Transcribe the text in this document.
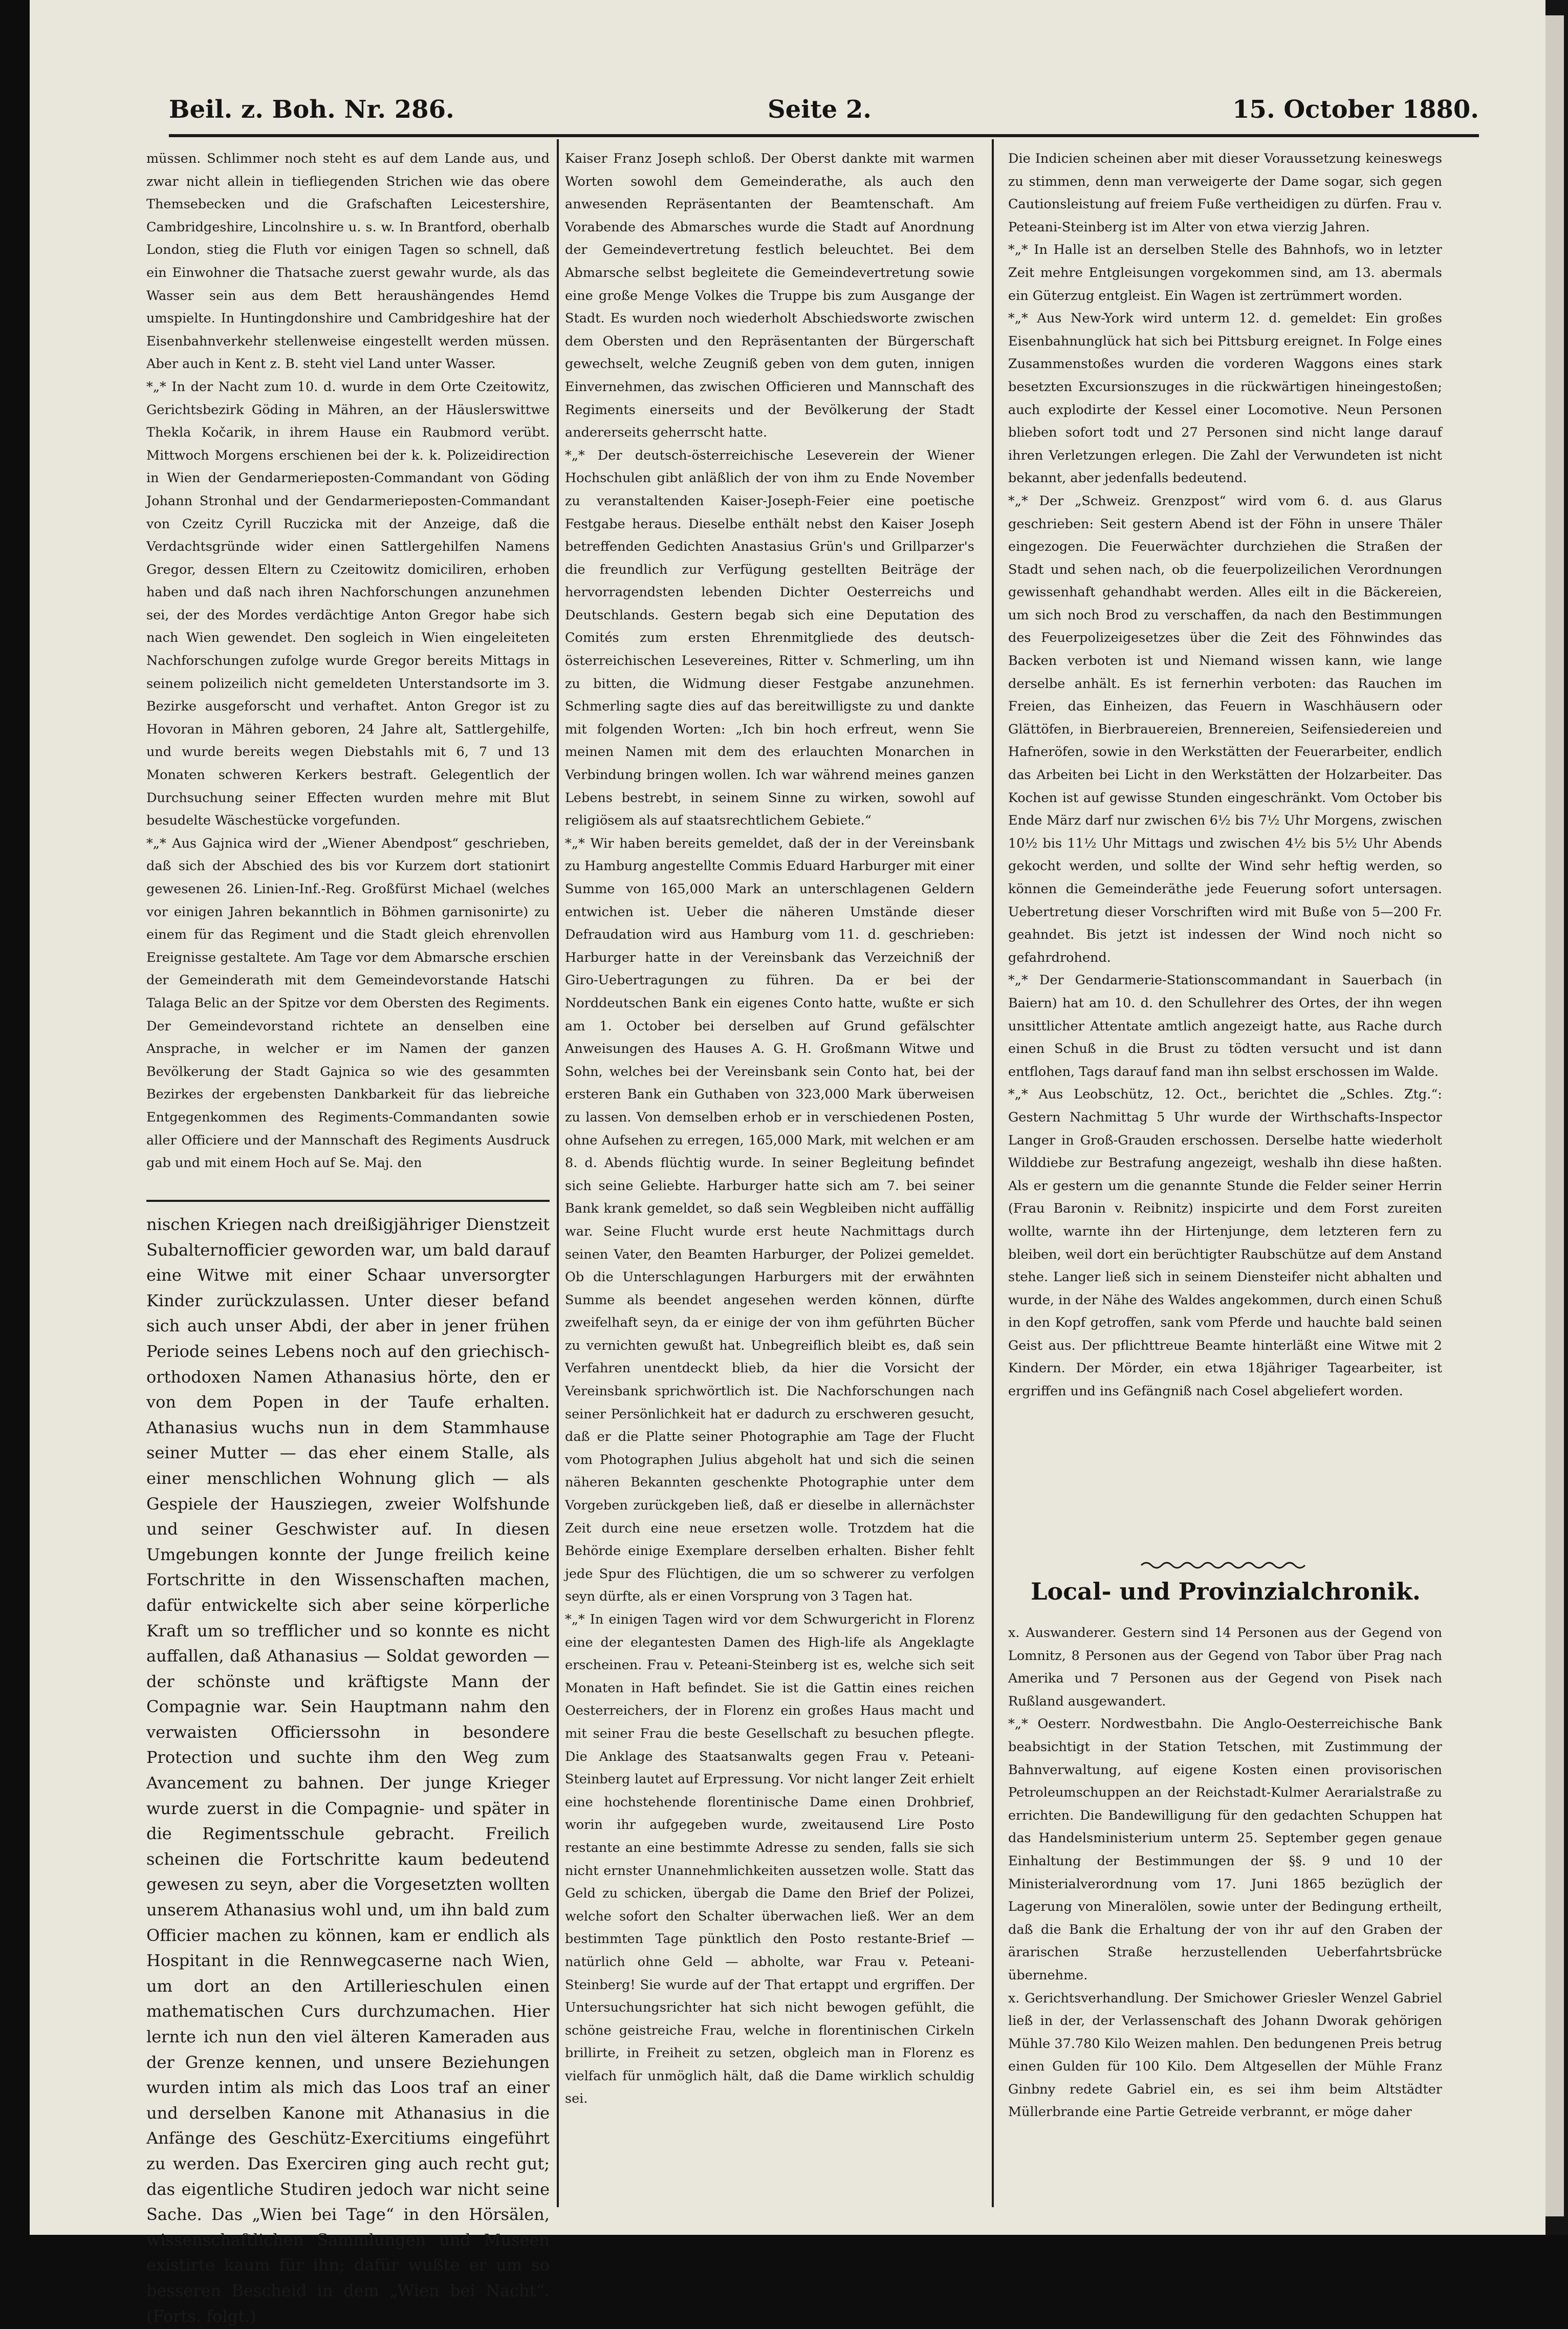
Beil. z. Boh. Nr. 286.	Seite 2.	15. October 1880.
müssen. Schlimmer noch steht es auf dem Lande aus, und zwar nicht allein in tiefliegenden Strichen wie das obere Themsebecken und die Grafschaften Leicestershire, Cambridgeshire, Lincolnshire u. s. w. In Brantford, oberhalb London, stieg die Fluth vor einigen Tagen so schnell, daß ein Einwohner die Thatsache zuerst gewahr wurde, als das Wasser sein aus dem Bett heraushängendes Hemd umspielte. In Huntingdonshire und Cambridgeshire hat der Eisenbahnverkehr stellenweise eingestellt werden müssen. Aber auch in Kent z. B. steht viel Land unter Wasser.
*„* In der Nacht zum 10. d. wurde in dem Orte Czeitowitz, Gerichtsbezirk Göding in Mähren, an der Häuslerswittwe Thekla Kočarik, in ihrem Hause ein Raubmord verübt. Mittwoch Morgens erschienen bei der k. k. Polizeidirection in Wien der Gendarmerieposten-Commandant von Göding Johann Stronhal und der Gendarmerieposten-Commandant von Czeitz Cyrill Ruczicka mit der Anzeige, daß die Verdachtsgründe wider einen Sattlergehilfen Namens Gregor, dessen Eltern zu Czeitowitz domiciliren, erhoben haben und daß nach ihren Nachforschungen anzunehmen sei, der des Mordes verdächtige Anton Gregor habe sich nach Wien gewendet. Den sogleich in Wien eingeleiteten Nachforschungen zufolge wurde Gregor bereits Mittags in seinem polizeilich nicht gemeldeten Unterstandsorte im 3. Bezirke ausgeforscht und verhaftet. Anton Gregor ist zu Hovoran in Mähren geboren, 24 Jahre alt, Sattlergehilfe, und wurde bereits wegen Diebstahls mit 6, 7 und 13 Monaten schweren Kerkers bestraft. Gelegentlich der Durchsuchung seiner Effecten wurden mehre mit Blut besudelte Wäschestücke vorgefunden.
*„* Aus Gajnica wird der „Wiener Abendpost“ geschrieben, daß sich der Abschied des bis vor Kurzem dort stationirt gewesenen 26. Linien-Inf.-Reg. Großfürst Michael (welches vor einigen Jahren bekanntlich in Böhmen garnisonirte) zu einem für das Regiment und die Stadt gleich ehrenvollen Ereignisse gestaltete. Am Tage vor dem Abmarsche erschien der Gemeinderath mit dem Gemeindevorstande Hatschi Talaga Belic an der Spitze vor dem Obersten des Regiments. Der Gemeindevorstand richtete an denselben eine Ansprache, in welcher er im Namen der ganzen Bevölkerung der Stadt Gajnica so wie des gesammten Bezirkes der ergebensten Dankbarkeit für das liebreiche Entgegenkommen des Regiments-Commandanten sowie aller Officiere und der Mannschaft des Regiments Ausdruck gab und mit einem Hoch auf Se. Maj. den
nischen Kriegen nach dreißigjähriger Dienstzeit Subalternofficier geworden war, um bald darauf eine Witwe mit einer Schaar unversorgter Kinder zurückzulassen. Unter dieser befand sich auch unser Abdi, der aber in jener frühen Periode seines Lebens noch auf den griechisch-orthodoxen Namen Athanasius hörte, den er von dem Popen in der Taufe erhalten. Athanasius wuchs nun in dem Stammhause seiner Mutter — das eher einem Stalle, als einer menschlichen Wohnung glich — als Gespiele der Hausziegen, zweier Wolfshunde und seiner Geschwister auf. In diesen Umgebungen konnte der Junge freilich keine Fortschritte in den Wissenschaften machen, dafür entwickelte sich aber seine körperliche Kraft um so trefflicher und so konnte es nicht auffallen, daß Athanasius — Soldat geworden — der schönste und kräftigste Mann der Compagnie war. Sein Hauptmann nahm den verwaisten Officierssohn in besondere Protection und suchte ihm den Weg zum Avancement zu bahnen. Der junge Krieger wurde zuerst in die Compagnie- und später in die Regimentsschule gebracht. Freilich scheinen die Fortschritte kaum bedeutend gewesen zu seyn, aber die Vorgesetzten wollten unserem Athanasius wohl und, um ihn bald zum Officier machen zu können, kam er endlich als Hospitant in die Rennwegcaserne nach Wien, um dort an den Artillerieschulen einen mathematischen Curs durchzumachen. Hier lernte ich nun den viel älteren Kameraden aus der Grenze kennen, und unsere Beziehungen wurden intim als mich das Loos traf an einer und derselben Kanone mit Athanasius in die Anfänge des Geschütz-Exercitiums eingeführt zu werden. Das Exerciren ging auch recht gut; das eigentliche Studiren jedoch war nicht seine Sache. Das „Wien bei Tage“ in den Hörsälen, wissenschaftlichen Sammlungen und Museen existirte kaum für ihn; dafür wußte er um so besseren Bescheid in dem „Wien bei Nacht“. (Forts. folgt.)
Kaiser Franz Joseph schloß. Der Oberst dankte mit warmen Worten sowohl dem Gemeinderathe, als auch den anwesenden Repräsentanten der Beamtenschaft. Am Vorabende des Abmarsches wurde die Stadt auf Anordnung der Gemeindevertretung festlich beleuchtet. Bei dem Abmarsche selbst begleitete die Gemeindevertretung sowie eine große Menge Volkes die Truppe bis zum Ausgange der Stadt. Es wurden noch wiederholt Abschiedsworte zwischen dem Obersten und den Repräsentanten der Bürgerschaft gewechselt, welche Zeugniß geben von dem guten, innigen Einvernehmen, das zwischen Officieren und Mannschaft des Regiments einerseits und der Bevölkerung der Stadt andererseits geherrscht hatte.
*„* Der deutsch-österreichische Leseverein der Wiener Hochschulen gibt anläßlich der von ihm zu Ende November zu veranstaltenden Kaiser-Joseph-Feier eine poetische Festgabe heraus. Dieselbe enthält nebst den Kaiser Joseph betreffenden Gedichten Anastasius Grün's und Grillparzer's die freundlich zur Verfügung gestellten Beiträge der hervorragendsten lebenden Dichter Oesterreichs und Deutschlands. Gestern begab sich eine Deputation des Comités zum ersten Ehrenmitgliede des deutsch-österreichischen Lesevereines, Ritter v. Schmerling, um ihn zu bitten, die Widmung dieser Festgabe anzunehmen. Schmerling sagte dies auf das bereitwilligste zu und dankte mit folgenden Worten: „Ich bin hoch erfreut, wenn Sie meinen Namen mit dem des erlauchten Monarchen in Verbindung bringen wollen. Ich war während meines ganzen Lebens bestrebt, in seinem Sinne zu wirken, sowohl auf religiösem als auf staatsrechtlichem Gebiete.“
*„* Wir haben bereits gemeldet, daß der in der Vereinsbank zu Hamburg angestellte Commis Eduard Harburger mit einer Summe von 165,000 Mark an unterschlagenen Geldern entwichen ist. Ueber die näheren Umstände dieser Defraudation wird aus Hamburg vom 11. d. geschrieben: Harburger hatte in der Vereinsbank das Verzeichniß der Giro-Uebertragungen zu führen. Da er bei der Norddeutschen Bank ein eigenes Conto hatte, wußte er sich am 1. October bei derselben auf Grund gefälschter Anweisungen des Hauses A. G. H. Großmann Witwe und Sohn, welches bei der Vereinsbank sein Conto hat, bei der ersteren Bank ein Guthaben von 323,000 Mark überweisen zu lassen. Von demselben erhob er in verschiedenen Posten, ohne Aufsehen zu erregen, 165,000 Mark, mit welchen er am 8. d. Abends flüchtig wurde. In seiner Begleitung befindet sich seine Geliebte. Harburger hatte sich am 7. bei seiner Bank krank gemeldet, so daß sein Wegbleiben nicht auffällig war. Seine Flucht wurde erst heute Nachmittags durch seinen Vater, den Beamten Harburger, der Polizei gemeldet. Ob die Unterschlagungen Harburgers mit der erwähnten Summe als beendet angesehen werden können, dürfte zweifelhaft seyn, da er einige der von ihm geführten Bücher zu vernichten gewußt hat. Unbegreiflich bleibt es, daß sein Verfahren unentdeckt blieb, da hier die Vorsicht der Vereinsbank sprichwörtlich ist. Die Nachforschungen nach seiner Persönlichkeit hat er dadurch zu erschweren gesucht, daß er die Platte seiner Photographie am Tage der Flucht vom Photographen Julius abgeholt hat und sich die seinen näheren Bekannten geschenkte Photographie unter dem Vorgeben zurückgeben ließ, daß er dieselbe in allernächster Zeit durch eine neue ersetzen wolle. Trotzdem hat die Behörde einige Exemplare derselben erhalten. Bisher fehlt jede Spur des Flüchtigen, die um so schwerer zu verfolgen seyn dürfte, als er einen Vorsprung von 3 Tagen hat.
*„* In einigen Tagen wird vor dem Schwurgericht in Florenz eine der elegantesten Damen des High-life als Angeklagte erscheinen. Frau v. Peteani-Steinberg ist es, welche sich seit Monaten in Haft befindet. Sie ist die Gattin eines reichen Oesterreichers, der in Florenz ein großes Haus macht und mit seiner Frau die beste Gesellschaft zu besuchen pflegte. Die Anklage des Staatsanwalts gegen Frau v. Peteani-Steinberg lautet auf Erpressung. Vor nicht langer Zeit erhielt eine hochstehende florentinische Dame einen Drohbrief, worin ihr aufgegeben wurde, zweitausend Lire Posto restante an eine bestimmte Adresse zu senden, falls sie sich nicht ernster Unannehmlichkeiten aussetzen wolle. Statt das Geld zu schicken, übergab die Dame den Brief der Polizei, welche sofort den Schalter überwachen ließ. Wer an dem bestimmten Tage pünktlich den Posto restante-Brief — natürlich ohne Geld — abholte, war Frau v. Peteani-Steinberg! Sie wurde auf der That ertappt und ergriffen. Der Untersuchungsrichter hat sich nicht bewogen gefühlt, die schöne geistreiche Frau, welche in florentinischen Cirkeln brillirte, in Freiheit zu setzen, obgleich man in Florenz es vielfach für unmöglich hält, daß die Dame wirklich schuldig sei.
Die Indicien scheinen aber mit dieser Voraussetzung keineswegs zu stimmen, denn man verweigerte der Dame sogar, sich gegen Cautionsleistung auf freiem Fuße vertheidigen zu dürfen. Frau v. Peteani-Steinberg ist im Alter von etwa vierzig Jahren.
*„* In Halle ist an derselben Stelle des Bahnhofs, wo in letzter Zeit mehre Entgleisungen vorgekommen sind, am 13. abermals ein Güterzug entgleist. Ein Wagen ist zertrümmert worden.
*„* Aus New-York wird unterm 12. d. gemeldet: Ein großes Eisenbahnunglück hat sich bei Pittsburg ereignet. In Folge eines Zusammenstoßes wurden die vorderen Waggons eines stark besetzten Excursionszuges in die rückwärtigen hineingestoßen; auch explodirte der Kessel einer Locomotive. Neun Personen blieben sofort todt und 27 Personen sind nicht lange darauf ihren Verletzungen erlegen. Die Zahl der Verwundeten ist nicht bekannt, aber jedenfalls bedeutend.
*„* Der „Schweiz. Grenzpost“ wird vom 6. d. aus Glarus geschrieben: Seit gestern Abend ist der Föhn in unsere Thäler eingezogen. Die Feuerwächter durchziehen die Straßen der Stadt und sehen nach, ob die feuerpolizeilichen Verordnungen gewissenhaft gehandhabt werden. Alles eilt in die Bäckereien, um sich noch Brod zu verschaffen, da nach den Bestimmungen des Feuerpolizeigesetzes über die Zeit des Föhnwindes das Backen verboten ist und Niemand wissen kann, wie lange derselbe anhält. Es ist fernerhin verboten: das Rauchen im Freien, das Einheizen, das Feuern in Waschhäusern oder Glättöfen, in Bierbrauereien, Brennereien, Seifensiedereien und Hafneröfen, sowie in den Werkstätten der Feuerarbeiter, endlich das Arbeiten bei Licht in den Werkstätten der Holzarbeiter. Das Kochen ist auf gewisse Stunden eingeschränkt. Vom October bis Ende März darf nur zwischen 6½ bis 7½ Uhr Morgens, zwischen 10½ bis 11½ Uhr Mittags und zwischen 4½ bis 5½ Uhr Abends gekocht werden, und sollte der Wind sehr heftig werden, so können die Gemeinderäthe jede Feuerung sofort untersagen. Uebertretung dieser Vorschriften wird mit Buße von 5—200 Fr. geahndet. Bis jetzt ist indessen der Wind noch nicht so gefahrdrohend.
*„* Der Gendarmerie-Stationscommandant in Sauerbach (in Baiern) hat am 10. d. den Schullehrer des Ortes, der ihn wegen unsittlicher Attentate amtlich angezeigt hatte, aus Rache durch einen Schuß in die Brust zu tödten versucht und ist dann entflohen, Tags darauf fand man ihn selbst erschossen im Walde.
*„* Aus Leobschütz, 12. Oct., berichtet die „Schles. Ztg.“: Gestern Nachmittag 5 Uhr wurde der Wirthschafts-Inspector Langer in Groß-Grauden erschossen. Derselbe hatte wiederholt Wilddiebe zur Bestrafung angezeigt, weshalb ihn diese haßten. Als er gestern um die genannte Stunde die Felder seiner Herrin (Frau Baronin v. Reibnitz) inspicirte und dem Forst zureiten wollte, warnte ihn der Hirtenjunge, dem letzteren fern zu bleiben, weil dort ein berüchtigter Raubschütze auf dem Anstand stehe. Langer ließ sich in seinem Diensteifer nicht abhalten und wurde, in der Nähe des Waldes angekommen, durch einen Schuß in den Kopf getroffen, sank vom Pferde und hauchte bald seinen Geist aus. Der pflichttreue Beamte hinterläßt eine Witwe mit 2 Kindern. Der Mörder, ein etwa 18jähriger Tagearbeiter, ist ergriffen und ins Gefängniß nach Cosel abgeliefert worden.
Local- und Provinzialchronik.
x. Auswanderer. Gestern sind 14 Personen aus der Gegend von Lomnitz, 8 Personen aus der Gegend von Tabor über Prag nach Amerika und 7 Personen aus der Gegend von Pisek nach Rußland ausgewandert.
*„* Oesterr. Nordwestbahn. Die Anglo-Oesterreichische Bank beabsichtigt in der Station Tetschen, mit Zustimmung der Bahnverwaltung, auf eigene Kosten einen provisorischen Petroleumschuppen an der Reichstadt-Kulmer Aerarialstraße zu errichten. Die Bandewilligung für den gedachten Schuppen hat das Handelsministerium unterm 25. September gegen genaue Einhaltung der Bestimmungen der §§. 9 und 10 der Ministerialverordnung vom 17. Juni 1865 bezüglich der Lagerung von Mineralölen, sowie unter der Bedingung ertheilt, daß die Bank die Erhaltung der von ihr auf den Graben der ärarischen Straße herzustellenden Ueberfahrtsbrücke übernehme.
x. Gerichtsverhandlung. Der Smichower Griesler Wenzel Gabriel ließ in der, der Verlassenschaft des Johann Dworak gehörigen Mühle 37.780 Kilo Weizen mahlen. Den bedungenen Preis betrug einen Gulden für 100 Kilo. Dem Altgesellen der Mühle Franz Ginbny redete Gabriel ein, es sei ihm beim Altstädter Müllerbrande eine Partie Getreide verbrannt, er möge daher
